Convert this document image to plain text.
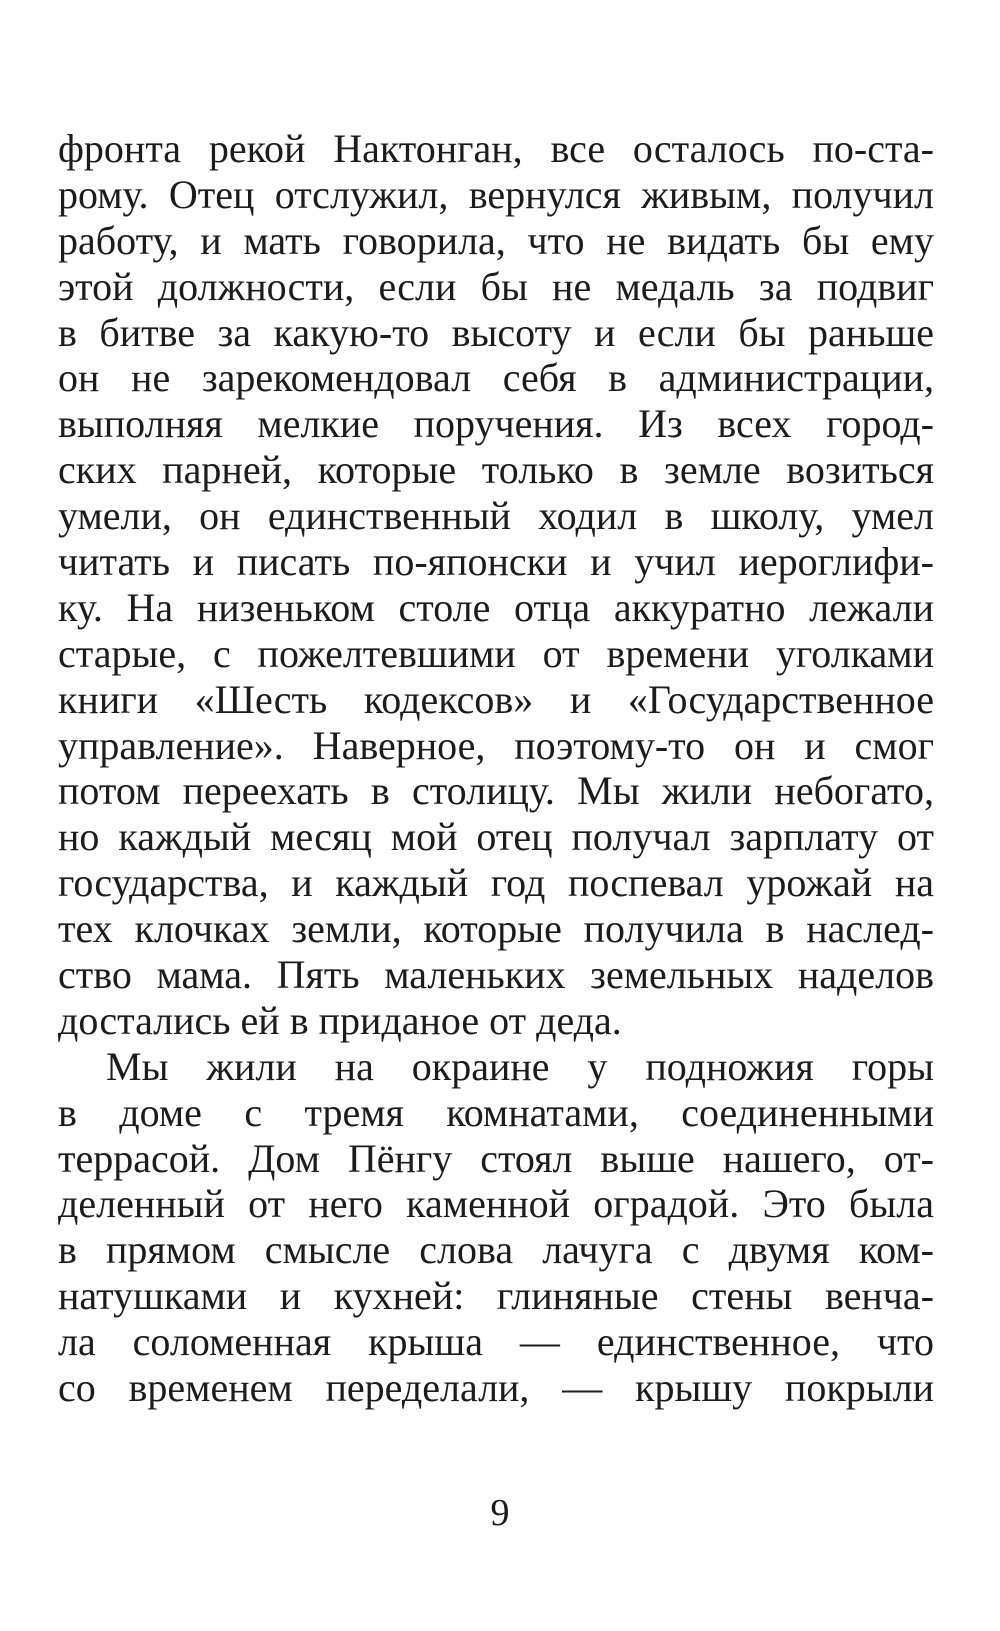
фронта рекой Нактонган, все осталось по-ста-
рому. Отец отслужил, вернулся живым, получил
работу, и мать говорила, что не видать бы ему
этой должности, если бы не медаль за подвиг
в битве за какую-то высоту и если бы раньше
он не зарекомендовал себя в администрации,
выполняя мелкие поручения. Из всех город-
ских парней, которые только в земле возиться
умели, он единственный ходил в школу, умел
читать и писать по-японски и учил иероглифи-
ку. На низеньком столе отца аккуратно лежали
старые, с пожелтевшими от времени уголками
книги «Шесть кодексов» и «Государственное
управление». Наверное, поэтому-то он и смог
потом переехать в столицу. Мы жили небогато,
но каждый месяц мой отец получал зарплату от
государства, и каждый год поспевал урожай на
тех клочках земли, которые получила в наслед-
ство мама. Пять маленьких земельных наделов
достались ей в приданое от деда.
Мы жили на окраине у подножия горы
в доме с тремя комнатами, соединенными
террасой. Дом Пёнгу стоял выше нашего, от-
деленный от него каменной оградой. Это была
в прямом смысле слова лачуга с двумя ком-
натушками и кухней: глиняные стены венча-
ла соломенная крыша — единственное, что
со временем переделали, — крышу покрыли
9
